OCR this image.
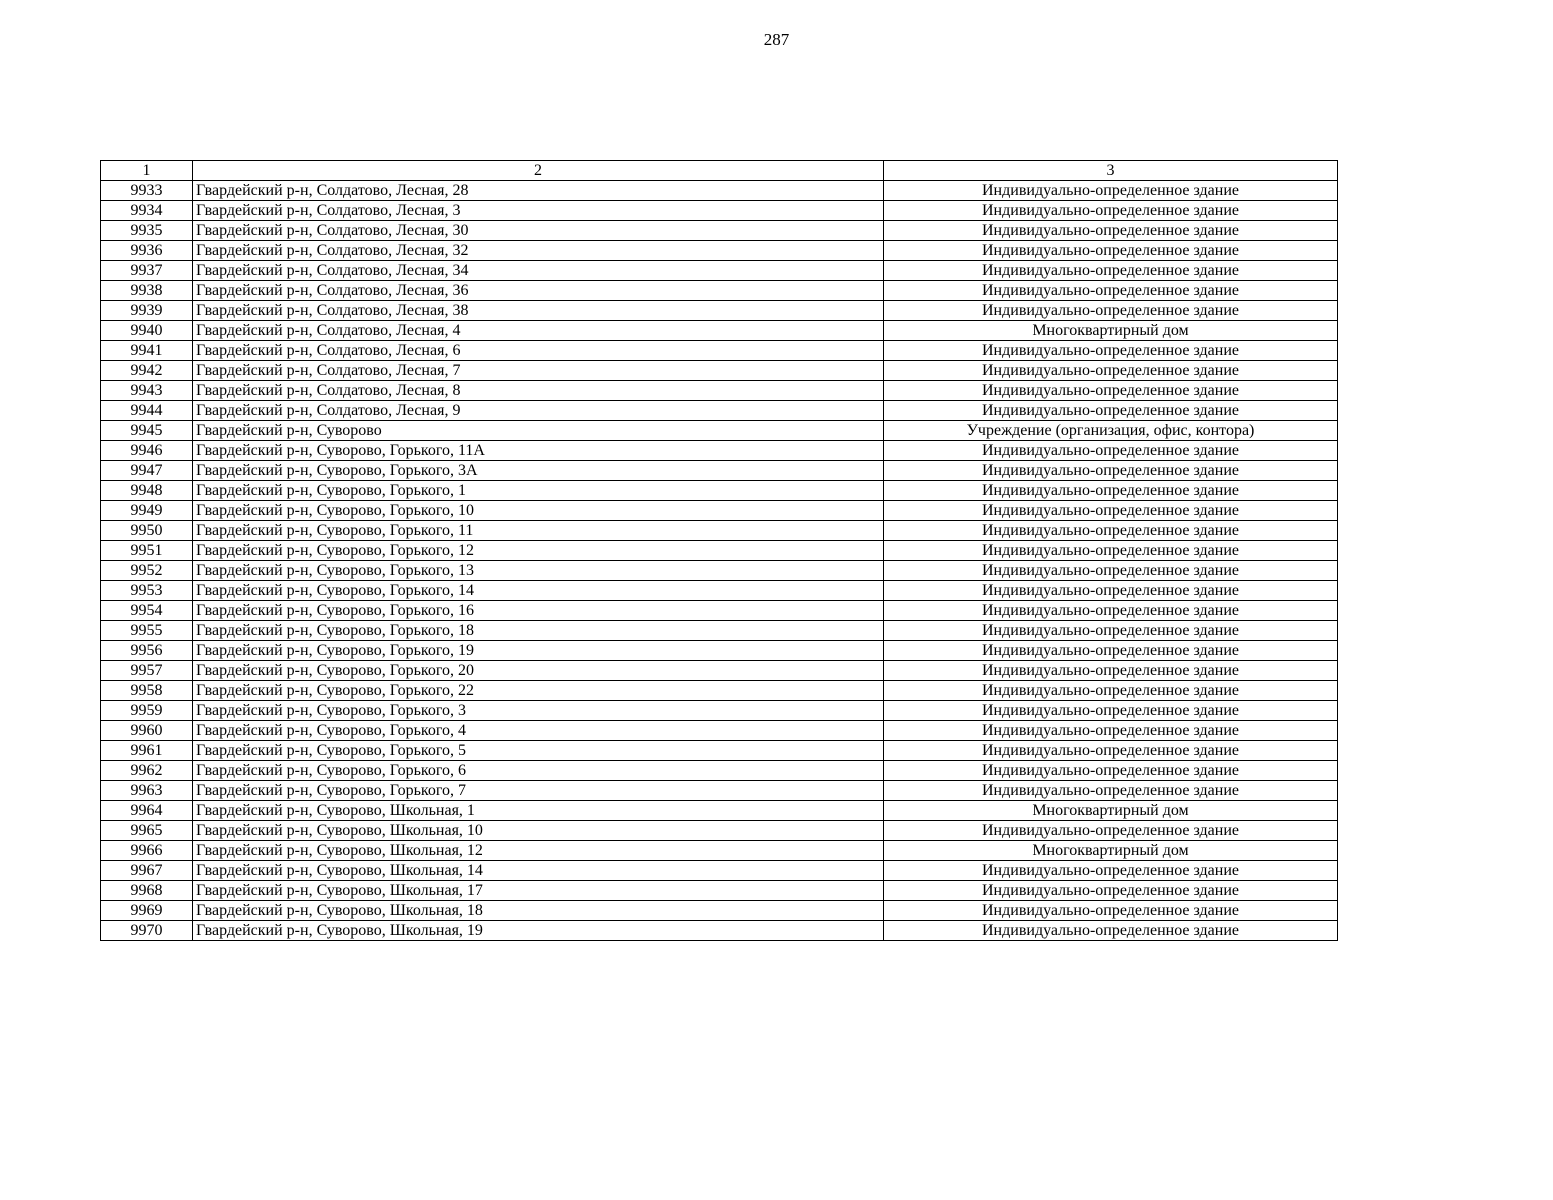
287
1	2	3
9933	Гвардейский р-н, Солдатово, Лесная, 28	Индивидуально-определенное здание
9934	Гвардейский р-н, Солдатово, Лесная, 3	Индивидуально-определенное здание
9935	Гвардейский р-н, Солдатово, Лесная, 30	Индивидуально-определенное здание
9936	Гвардейский р-н, Солдатово, Лесная, 32	Индивидуально-определенное здание
9937	Гвардейский р-н, Солдатово, Лесная, 34	Индивидуально-определенное здание
9938	Гвардейский р-н, Солдатово, Лесная, 36	Индивидуально-определенное здание
9939	Гвардейский р-н, Солдатово, Лесная, 38	Индивидуально-определенное здание
9940	Гвардейский р-н, Солдатово, Лесная, 4	Многоквартирный дом
9941	Гвардейский р-н, Солдатово, Лесная, 6	Индивидуально-определенное здание
9942	Гвардейский р-н, Солдатово, Лесная, 7	Индивидуально-определенное здание
9943	Гвардейский р-н, Солдатово, Лесная, 8	Индивидуально-определенное здание
9944	Гвардейский р-н, Солдатово, Лесная, 9	Индивидуально-определенное здание
9945	Гвардейский р-н, Суворово	Учреждение (организация, офис, контора)
9946	Гвардейский р-н, Суворово, Горького, 11А	Индивидуально-определенное здание
9947	Гвардейский р-н, Суворово, Горького, 3А	Индивидуально-определенное здание
9948	Гвардейский р-н, Суворово, Горького, 1	Индивидуально-определенное здание
9949	Гвардейский р-н, Суворово, Горького, 10	Индивидуально-определенное здание
9950	Гвардейский р-н, Суворово, Горького, 11	Индивидуально-определенное здание
9951	Гвардейский р-н, Суворово, Горького, 12	Индивидуально-определенное здание
9952	Гвардейский р-н, Суворово, Горького, 13	Индивидуально-определенное здание
9953	Гвардейский р-н, Суворово, Горького, 14	Индивидуально-определенное здание
9954	Гвардейский р-н, Суворово, Горького, 16	Индивидуально-определенное здание
9955	Гвардейский р-н, Суворово, Горького, 18	Индивидуально-определенное здание
9956	Гвардейский р-н, Суворово, Горького, 19	Индивидуально-определенное здание
9957	Гвардейский р-н, Суворово, Горького, 20	Индивидуально-определенное здание
9958	Гвардейский р-н, Суворово, Горького, 22	Индивидуально-определенное здание
9959	Гвардейский р-н, Суворово, Горького, 3	Индивидуально-определенное здание
9960	Гвардейский р-н, Суворово, Горького, 4	Индивидуально-определенное здание
9961	Гвардейский р-н, Суворово, Горького, 5	Индивидуально-определенное здание
9962	Гвардейский р-н, Суворово, Горького, 6	Индивидуально-определенное здание
9963	Гвардейский р-н, Суворово, Горького, 7	Индивидуально-определенное здание
9964	Гвардейский р-н, Суворово, Школьная, 1	Многоквартирный дом
9965	Гвардейский р-н, Суворово, Школьная, 10	Индивидуально-определенное здание
9966	Гвардейский р-н, Суворово, Школьная, 12	Многоквартирный дом
9967	Гвардейский р-н, Суворово, Школьная, 14	Индивидуально-определенное здание
9968	Гвардейский р-н, Суворово, Школьная, 17	Индивидуально-определенное здание
9969	Гвардейский р-н, Суворово, Школьная, 18	Индивидуально-определенное здание
9970	Гвардейский р-н, Суворово, Школьная, 19	Индивидуально-определенное здание
